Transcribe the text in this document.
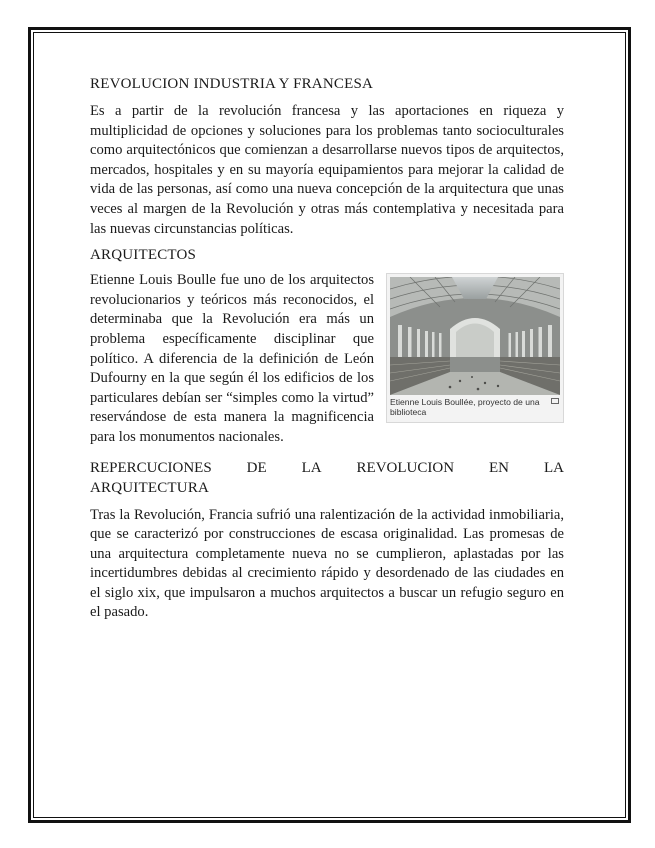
REVOLUCION INDUSTRIA Y FRANCESA

Es a partir de la revolución francesa y las aportaciones en riqueza y multiplicidad de opciones y soluciones para los problemas tanto socioculturales como arquitectónicos que comienzan a desarrollarse nuevos tipos de arquitectos, mercados, hospitales y en su mayoría equipamientos para mejorar la calidad de vida de las personas, así como una nueva concepción de la arquitectura que unas veces al margen de la Revolución y otras más contemplativa y necesitada para las nuevas circunstancias políticas.

ARQUITECTOS
Etienne Louis Boullée, proyecto de una biblioteca

Etienne Louis Boulle fue uno de los arquitectos revolucionarios y teóricos más reconocidos, el determinaba que la Revolución era más un problema específicamente disciplinar que político. A diferencia de la definición de León Dufourny en la que según él los edificios de los particulares debían ser “simples como la virtud” reservándose de esta manera la magnificencia para los monumentos nacionales.

REPERCUCIONES DE LA REVOLUCION EN LA
ARQUITECTURA

Tras la Revolución, Francia sufrió una ralentización de la actividad inmobiliaria, que se caracterizó por construcciones de escasa originalidad. Las promesas de una arquitectura completamente nueva no se cumplieron, aplastadas por las incertidumbres debidas al crecimiento rápido y desordenado de las ciudades en el siglo xix, que impulsaron a muchos arquitectos a buscar un refugio seguro en el pasado.
